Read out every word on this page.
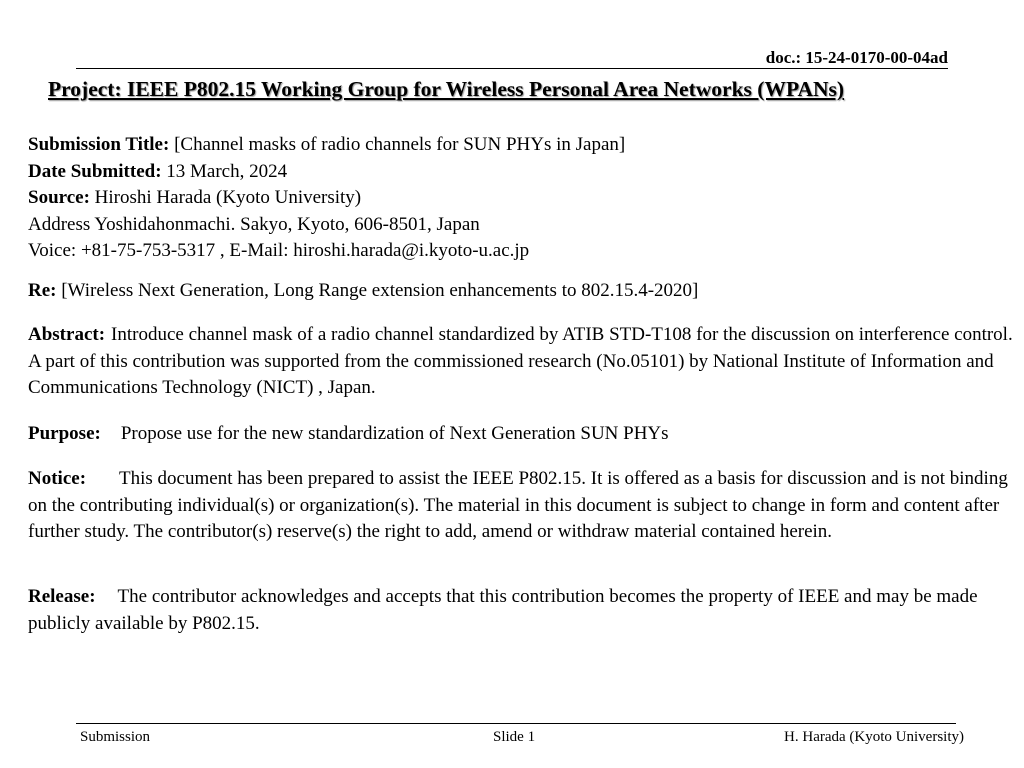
doc.: 15-24-0170-00-04ad
Project: IEEE P802.15 Working Group for Wireless Personal Area Networks (WPANs)
Submission Title: [Channel masks of radio channels for SUN PHYs in Japan]
Date Submitted: 13 March, 2024
Source: Hiroshi Harada (Kyoto University)
Address Yoshidahonmachi. Sakyo, Kyoto, 606-8501, Japan
Voice: +81-75-753-5317 , E-Mail: hiroshi.harada@i.kyoto-u.ac.jp
Re: [Wireless Next Generation, Long Range extension enhancements to 802.15.4-2020]
Abstract: Introduce channel mask of a radio channel standardized by ATIB STD-T108 for the discussion on interference control. A part of this contribution was supported from the commissioned research (No.05101) by National Institute of Information and Communications Technology (NICT) , Japan.
Purpose: Propose use for the new standardization of Next Generation SUN PHYs
Notice: This document has been prepared to assist the IEEE P802.15. It is offered as a basis for discussion and is not binding on the contributing individual(s) or organization(s). The material in this document is subject to change in form and content after further study. The contributor(s) reserve(s) the right to add, amend or withdraw material contained herein.
Release: The contributor acknowledges and accepts that this contribution becomes the property of IEEE and may be made publicly available by P802.15.
Submission	Slide 1	H. Harada (Kyoto University)
